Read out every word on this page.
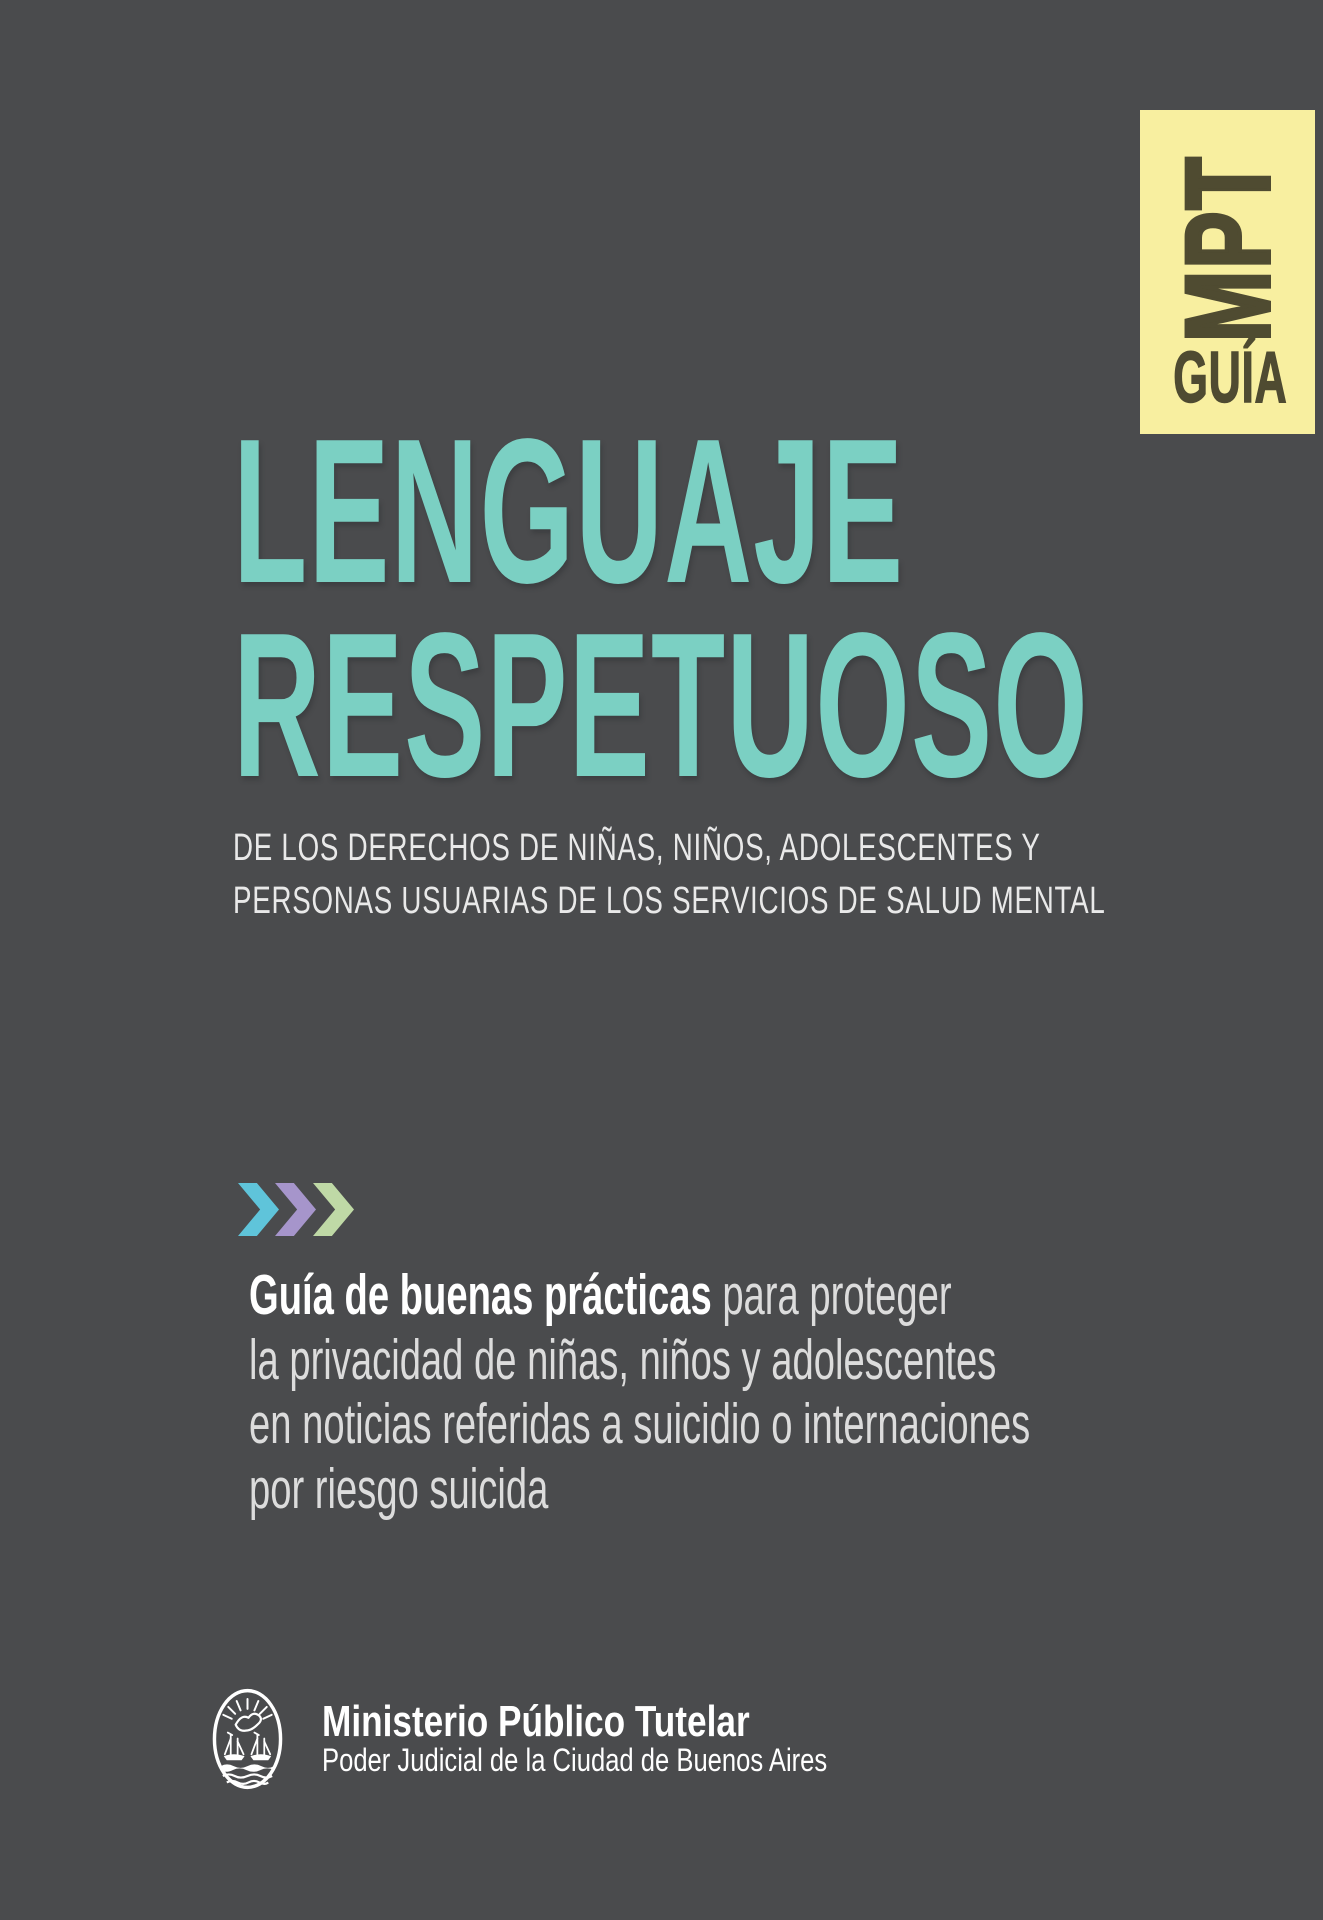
MPT
GUÍA
LENGUAJE
RESPETUOSO
DE LOS DERECHOS DE NIÑAS, NIÑOS, ADOLESCENTES Y
PERSONAS USUARIAS DE LOS SERVICIOS DE SALUD MENTAL
Guía de buenas prácticas para proteger
la privacidad de niñas, niños y adolescentes
en noticias referidas a suicidio o internaciones
por riesgo suicida
Ministerio Público Tutelar
Poder Judicial de la Ciudad de Buenos Aires
